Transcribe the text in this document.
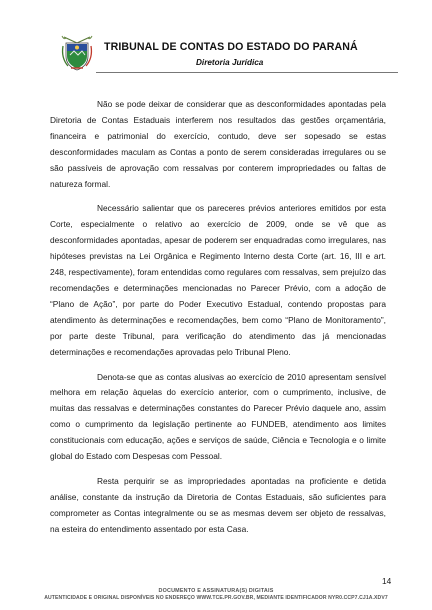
TRIBUNAL DE CONTAS DO ESTADO DO PARANÁ
Diretoria Jurídica

Não se pode deixar de considerar que as desconformidades apontadas pela Diretoria de Contas Estaduais interferem nos resultados das gestões orçamentária, financeira e patrimonial do exercício, contudo, deve ser sopesado se estas desconformidades maculam as Contas a ponto de serem consideradas irregulares ou se são passíveis de aprovação com ressalvas por conterem impropriedades ou faltas de natureza formal.

Necessário salientar que os pareceres prévios anteriores emitidos por esta Corte, especialmente o relativo ao exercício de 2009, onde se vê que as desconformidades apontadas, apesar de poderem ser enquadradas como irregulares, nas hipóteses previstas na Lei Orgânica e Regimento Interno desta Corte (art. 16, III e art. 248, respectivamente), foram entendidas como regulares com ressalvas, sem prejuízo das recomendações e determinações mencionadas no Parecer Prévio, com a adoção de “Plano de Ação”, por parte do Poder Executivo Estadual, contendo propostas para atendimento às determinações e recomendações, bem como “Plano de Monitoramento”, por parte deste Tribunal, para verificação do atendimento das já mencionadas determinações e recomendações aprovadas pelo Tribunal Pleno.

Denota-se que as contas alusivas ao exercício de 2010 apresentam sensível melhora em relação àquelas do exercício anterior, com o cumprimento, inclusive, de muitas das ressalvas e determinações constantes do Parecer Prévio daquele ano, assim como o cumprimento da legislação pertinente ao FUNDEB, atendimento aos limites constitucionais com educação, ações e serviços de saúde, Ciência e Tecnologia e o limite global do Estado com Despesas com Pessoal.

Resta perquirir se as impropriedades apontadas na proficiente e detida análise, constante da instrução da Diretoria de Contas Estaduais, são suficientes para comprometer as Contas integralmente ou se as mesmas devem ser objeto de ressalvas, na esteira do entendimento assentado por esta Casa.

14
DOCUMENTO E ASSINATURA(S) DIGITAIS
AUTENTICIDADE E ORIGINAL DISPONÍVEIS NO ENDEREÇO WWW.TCE.PR.GOV.BR, MEDIANTE IDENTIFICADOR NYR0.CCP7.CJ1A.XDV7
